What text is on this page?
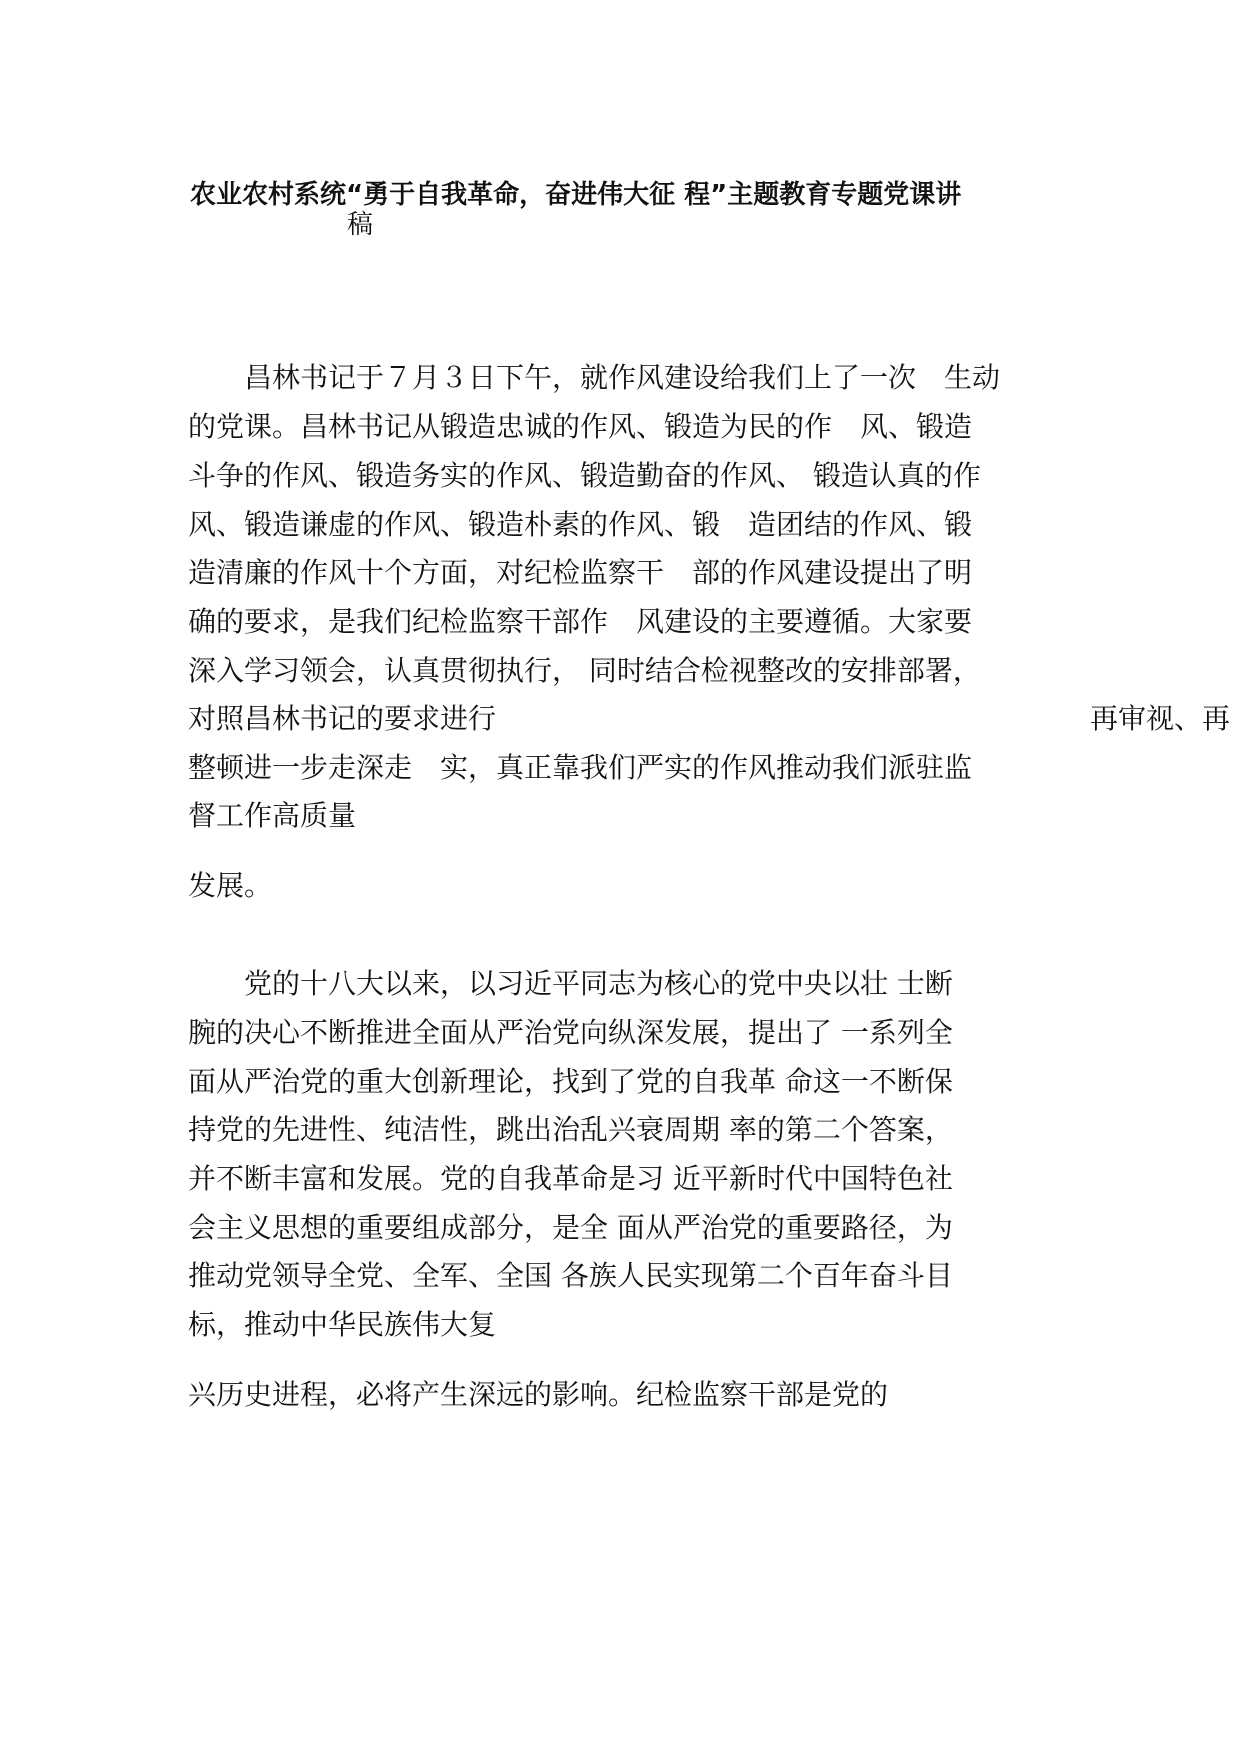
农业农村系统“勇于自我革命，奋进伟大征 程”主题教育专题党课讲
稿
　　昌林书记于７月３日下午，就作风建设给我们上了一次　生动
的党课。昌林书记从锻造忠诚的作风、锻造为民的作　风、锻造
斗争的作风、锻造务实的作风、锻造勤奋的作风、 锻造认真的作
风、锻造谦虚的作风、锻造朴素的作风、锻　造团结的作风、锻
造清廉的作风十个方面，对纪检监察干　部的作风建设提出了明
确的要求，是我们纪检监察干部作　风建设的主要遵循。大家要
深入学习领会，认真贯彻执行， 同时结合检视整改的安排部署，
对照昌林书记的要求进行	再审视、再
整顿进一步走深走　实，真正靠我们严实的作风推动我们派驻监
督工作高质量
发展。
　　党的十八大以来，以习近平同志为核心的党中央以壮 士断
腕的决心不断推进全面从严治党向纵深发展，提出了 一系列全
面从严治党的重大创新理论，找到了党的自我革 命这一不断保
持党的先进性、纯洁性，跳出治乱兴衰周期 率的第二个答案，
并不断丰富和发展。党的自我革命是习 近平新时代中国特色社
会主义思想的重要组成部分，是全 面从严治党的重要路径，为
推动党领导全党、全军、全国 各族人民实现第二个百年奋斗目
标，推动中华民族伟大复
兴历史进程，必将产生深远的影响。纪检监察干部是党的
